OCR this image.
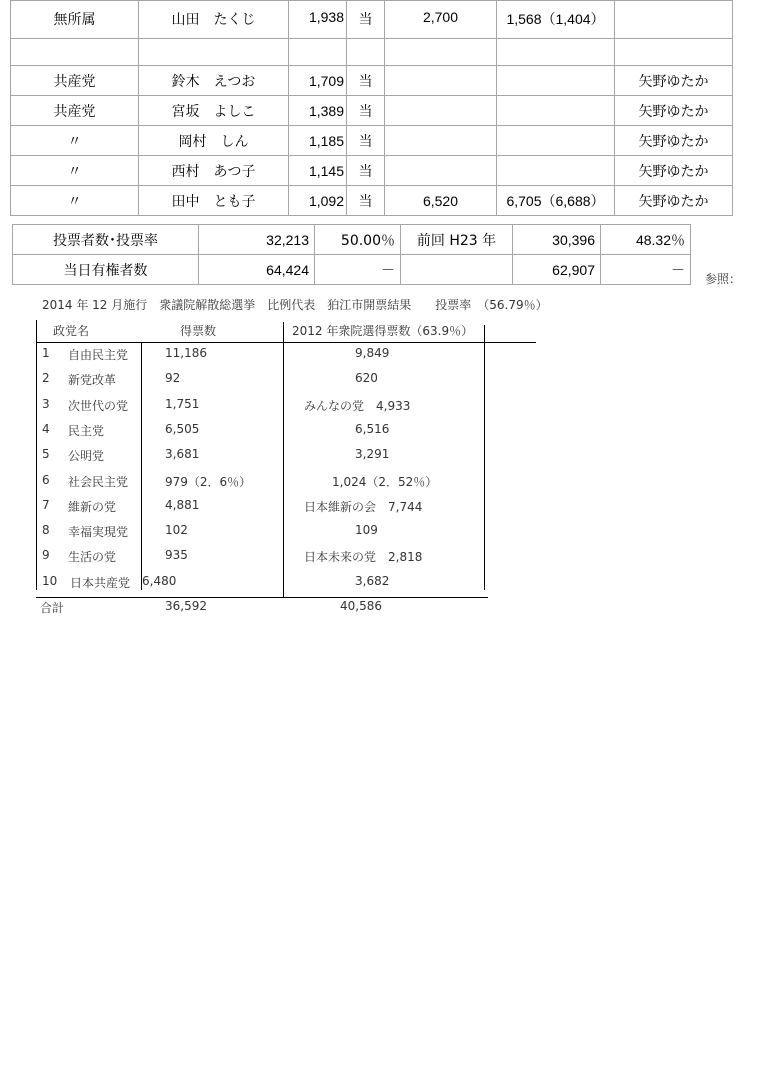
無所属	山田　たくじ	1,938	当	2,700	1,568（1,404）	

共産党	鈴木　えつお	1,709	当			矢野ゆたか
共産党	宮坂　よしこ	1,389	当			矢野ゆたか
〃	岡村　しん	1,185	当			矢野ゆたか
〃	西村　あつ子	1,145	当			矢野ゆたか
〃	田中　とも子	1,092	当	6,520	6,705（6,688）	矢野ゆたか
投票者数･投票率	32,213	50.00％	前回 H23 年	30,396	48.32％
当日有権者数	64,424	－		62,907	－
参照：
2014 年 12 月施行　衆議院解散総選挙　比例代表　狛江市開票結果　　投票率　（56.79％）
政党名	得票数	2012 年衆院選得票数（63.9％）
1 自由民主党	11,186	9,849
2 新党改革	92	620
3 次世代の党	1,751	みんなの党　4,933
4 民主党	6,505	6,516
5 公明党	3,681	3,291
6 社会民主党	979（2．6％）	1,024（2．52％）
7 維新の党	4,881	日本維新の会　7,744
8 幸福実現党	102	109
9 生活の党	935	日本未来の党　2,818
10 日本共産党 6,480	3,682
合計	36,592	40,586
